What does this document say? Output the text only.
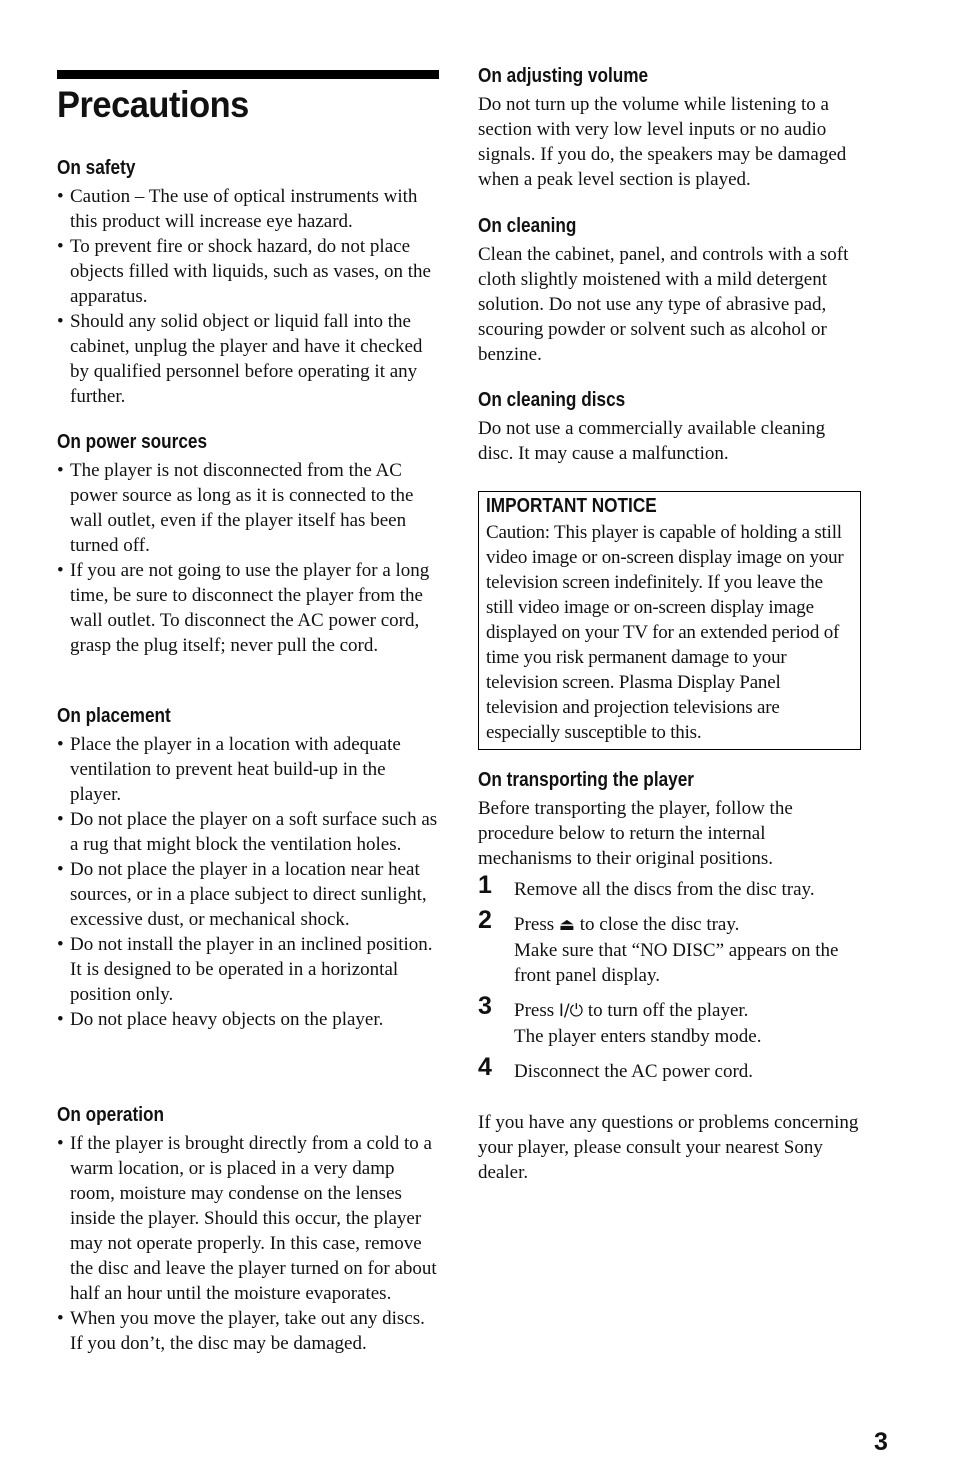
Precautions
On safety
• Caution – The use of optical instruments with this product will increase eye hazard.
• To prevent fire or shock hazard, do not place objects filled with liquids, such as vases, on the apparatus.
• Should any solid object or liquid fall into the cabinet, unplug the player and have it checked by qualified personnel before operating it any further.
On power sources
• The player is not disconnected from the AC power source as long as it is connected to the wall outlet, even if the player itself has been turned off.
• If you are not going to use the player for a long time, be sure to disconnect the player from the wall outlet. To disconnect the AC power cord, grasp the plug itself; never pull the cord.
On placement
• Place the player in a location with adequate ventilation to prevent heat build-up in the player.
• Do not place the player on a soft surface such as a rug that might block the ventilation holes.
• Do not place the player in a location near heat sources, or in a place subject to direct sunlight, excessive dust, or mechanical shock.
• Do not install the player in an inclined position. It is designed to be operated in a horizontal position only.
• Do not place heavy objects on the player.
On operation
• If the player is brought directly from a cold to a warm location, or is placed in a very damp room, moisture may condense on the lenses inside the player. Should this occur, the player may not operate properly. In this case, remove the disc and leave the player turned on for about half an hour until the moisture evaporates.
• When you move the player, take out any discs. If you don’t, the disc may be damaged.
On adjusting volume

Do not turn up the volume while listening to a section with very low level inputs or no audio signals. If you do, the speakers may be damaged when a peak level section is played.

On cleaning

Clean the cabinet, panel, and controls with a soft cloth slightly moistened with a mild detergent solution. Do not use any type of abrasive pad, scouring powder or solvent such as alcohol or benzine.

On cleaning discs

Do not use a commercially available cleaning disc. It may cause a malfunction.

IMPORTANT NOTICE

Caution: This player is capable of holding a still video image or on-screen display image on your television screen indefinitely. If you leave the still video image or on-screen display image displayed on your TV for an extended period of time you risk permanent damage to your television screen. Plasma Display Panel television and projection televisions are especially susceptible to this.

On transporting the player

Before transporting the player, follow the procedure below to return the internal mechanisms to their original positions.

1 Remove all the discs from the disc tray.
2 Press ⏏ to close the disc tray.
Make sure that “NO DISC” appears on the front panel display.
3 Press I/⏻ to turn off the player.
The player enters standby mode.
4 Disconnect the AC power cord.

If you have any questions or problems concerning your player, please consult your nearest Sony dealer.

3
